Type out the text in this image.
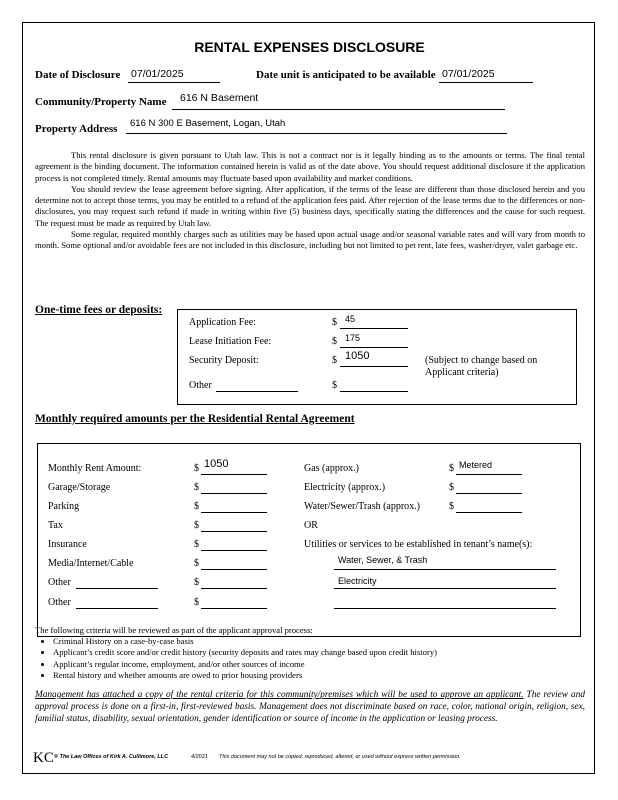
RENTAL EXPENSES DISCLOSURE
Date of Disclosure 07/01/2025	Date unit is anticipated to be available 07/01/2025
Community/Property Name 616 N Basement
Property Address 616 N 300 E Basement, Logan, Utah

This rental disclosure is given pursuant to Utah law. This is not a contract nor is it legally binding as to the amounts or terms. The final rental agreement is the binding document. The information contained herein is valid as of the date above. You should request additional disclosure if the application process is not completed timely. Rental amounts may fluctuate based upon availability and market conditions.

You should review the lease agreement before signing. After application, if the terms of the lease are different than those disclosed herein and you determine not to accept those terms, you may be entitled to a refund of the application fees paid. After rejection of the lease terms due to the differences or non-disclosures, you may request such refund if made in writing within five (5) business days, specifically stating the differences and the cause for such request. The request must be made as required by Utah law.

Some regular, required monthly charges such as utilities may be based upon actual usage and/or seasonal variable rates and will vary from month to month. Some optional and/or avoidable fees are not included in this disclosure, including but not limited to pet rent, late fees, washer/dryer, valet garbage etc.

One-time fees or deposits:
Application Fee:	$ 45
Lease Initiation Fee:	$ 175
Security Deposit:	$ 1050	(Subject to change based on Applicant criteria)
Other	$
Monthly required amounts per the Residential Rental Agreement
Monthly Rent Amount:	$ 1050
Garage/Storage	$
Parking	$
Tax	$
Insurance	$
Media/Internet/Cable	$
Other	$
Other	$
Gas (approx.)	$ Metered
Electricity (approx.)	$
Water/Sewer/Trash (approx.)	$
OR
Utilities or services to be established in tenant’s name(s):
Water, Sewer, & Trash
Electricity
The following criteria will be reviewed as part of the applicant approval process:
• Criminal History on a case-by-case basis
• Applicant’s credit score and/or credit history (security deposits and rates may change based upon credit history)
• Applicant’s regular income, employment, and/or other sources of income
• Rental history and whether amounts are owed to prior housing providers
Management has attached a copy of the rental criteria for this community/premises which will be used to approve an applicant. The review and approval process is done on a first-in, first-reviewed basis. Management does not discriminate based on race, color, national origin, religion, sex, familial status, disability, sexual orientation, gender identification or source of income in the application or leasing process.
KC ® The Law Offices of Kirk A. Cullimore, LLC	4/2021 This document may not be copied, reproduced, altered, or used without express written permission.
